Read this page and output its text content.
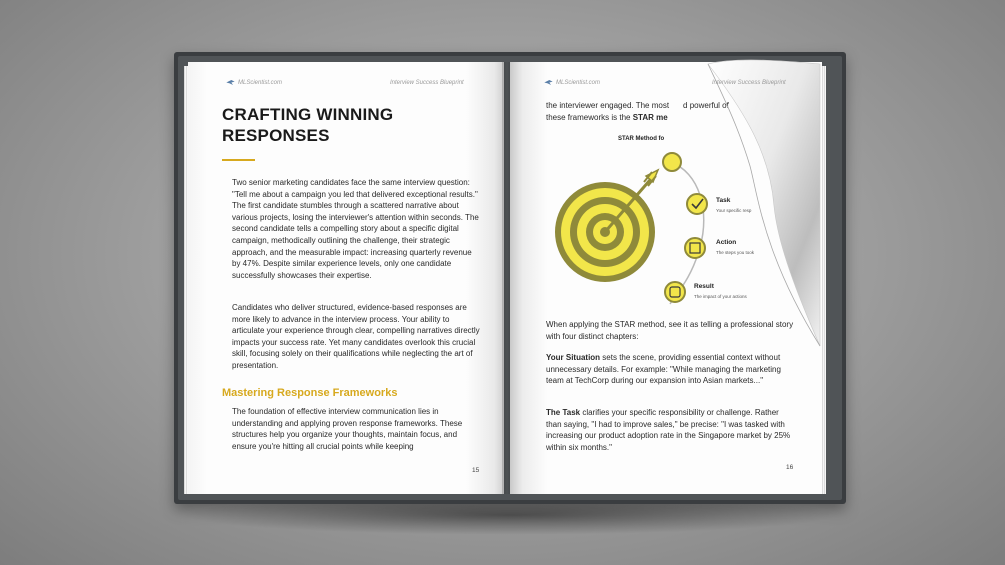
MLScientist.com	Interview Success Blueprint
CRAFTING WINNING
RESPONSES
Two senior marketing candidates face the same interview question: "Tell me about a campaign you led that delivered exceptional results." The first candidate stumbles through a scattered narrative about various projects, losing the interviewer's attention within seconds. The second candidate tells a compelling story about a specific digital campaign, methodically outlining the challenge, their strategic approach, and the measurable impact: increasing quarterly revenue by 47%. Despite similar experience levels, only one candidate successfully showcases their expertise.
Candidates who deliver structured, evidence-based responses are more likely to advance in the interview process. Your ability to articulate your experience through clear, compelling narratives directly impacts your success rate. Yet many candidates overlook this crucial skill, focusing solely on their qualifications while neglecting the art of presentation.
Mastering Response Frameworks
The foundation of effective interview communication lies in understanding and applying proven response frameworks. These structures help you organize your thoughts, maintain focus, and ensure you're hitting all crucial points while keeping
15
MLScientist.com
the interviewer engaged. The most d powerful of
these frameworks is the STAR me
STAR Method fo
Task
Your specific resp
Action
The steps you took
Result
The impact of your actions
When applying the STAR method, see it as telling a professional story with four distinct chapters:
Your Situation sets the scene, providing essential context without unnecessary details. For example: "While managing the marketing team at TechCorp during our expansion into Asian markets..."
The Task clarifies your specific responsibility or challenge. Rather than saying, "I had to improve sales," be precise: "I was tasked with increasing our product adoption rate in the Singapore market by 25% within six months."
16
Interview Success Blueprint
